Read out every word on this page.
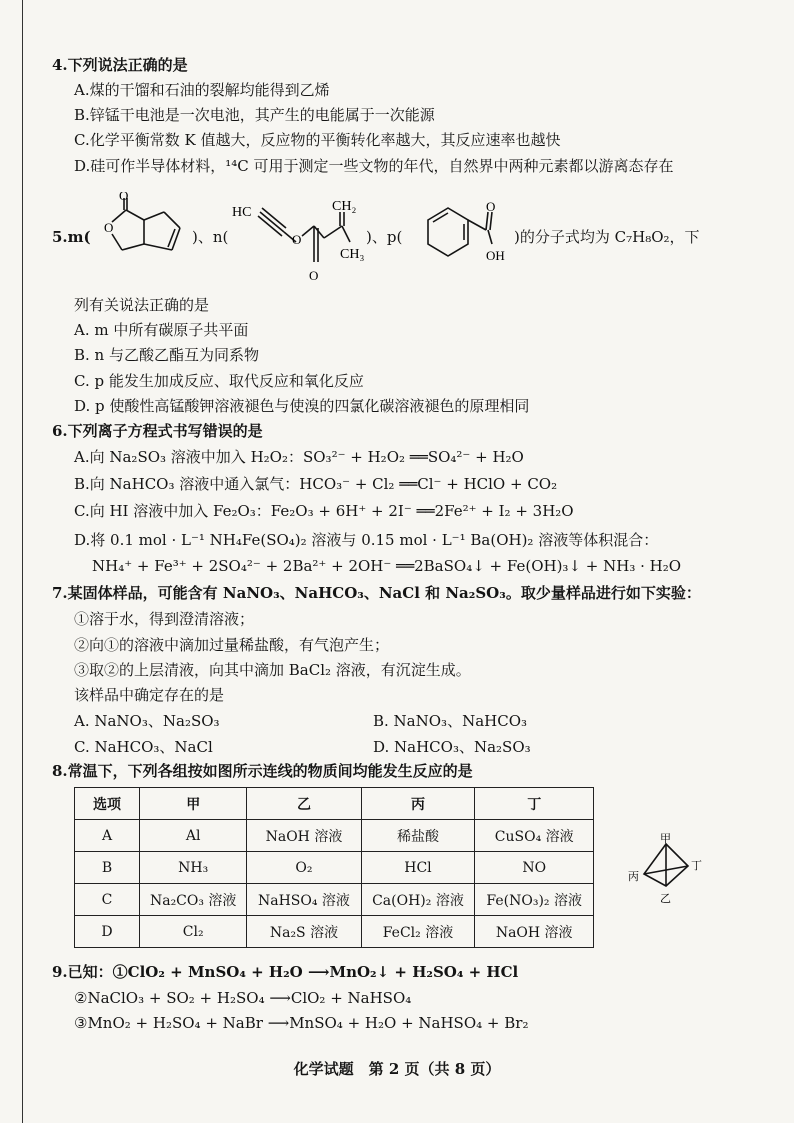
4.下列说法正确的是
A.煤的干馏和石油的裂解均能得到乙烯
B.锌锰干电池是一次电池，其产生的电能属于一次能源
C.化学平衡常数 K 值越大，反应物的平衡转化率越大，其反应速率也越快
D.硅可作半导体材料，¹⁴C 可用于测定一些文物的年代，自然界中两种元素都以游离态存在
5.m(
O
O
)、n(
HC
O
O
CH₂
CH₃
)、p(
O
OH
)的分子式均为 C₇H₈O₂，下
列有关说法正确的是
A. m 中所有碳原子共平面
B. n 与乙酸乙酯互为同系物
C. p 能发生加成反应、取代反应和氧化反应
D. p 使酸性高锰酸钾溶液褪色与使溴的四氯化碳溶液褪色的原理相同
6.下列离子方程式书写错误的是
A.向 Na₂SO₃ 溶液中加入 H₂O₂：SO₃²⁻ + H₂O₂ ══SO₄²⁻ + H₂O
B.向 NaHCO₃ 溶液中通入氯气：HCO₃⁻ + Cl₂ ══Cl⁻ + HClO + CO₂
C.向 HI 溶液中加入 Fe₂O₃：Fe₂O₃ + 6H⁺ + 2I⁻ ══2Fe²⁺ + I₂ + 3H₂O
D.将 0.1 mol · L⁻¹ NH₄Fe(SO₄)₂ 溶液与 0.15 mol · L⁻¹ Ba(OH)₂ 溶液等体积混合：
NH₄⁺ + Fe³⁺ + 2SO₄²⁻ + 2Ba²⁺ + 2OH⁻ ══2BaSO₄↓ + Fe(OH)₃↓ + NH₃ · H₂O
7.某固体样品，可能含有 NaNO₃、NaHCO₃、NaCl 和 Na₂SO₃。取少量样品进行如下实验：
①溶于水，得到澄清溶液；
②向①的溶液中滴加过量稀盐酸，有气泡产生；
③取②的上层清液，向其中滴加 BaCl₂ 溶液，有沉淀生成。
该样品中确定存在的是
A. NaNO₃、Na₂SO₃	B. NaNO₃、NaHCO₃
C. NaHCO₃、NaCl	D. NaHCO₃、Na₂SO₃
8.常温下，下列各组按如图所示连线的物质间均能发生反应的是
选项	甲	乙	丙	丁
A	Al	NaOH 溶液	稀盐酸	CuSO₄ 溶液
B	NH₃	O₂	HCl	NO
C	Na₂CO₃ 溶液	NaHSO₄ 溶液	Ca(OH)₂ 溶液	Fe(NO₃)₂ 溶液
D	Cl₂	Na₂S 溶液	FeCl₂ 溶液	NaOH 溶液
甲
丁
丙
乙
9.已知：①ClO₂ + MnSO₄ + H₂O ⟶MnO₂↓ + H₂SO₄ + HCl
②NaClO₃ + SO₂ + H₂SO₄ ⟶ClO₂ + NaHSO₄
③MnO₂ + H₂SO₄ + NaBr ⟶MnSO₄ + H₂O + NaHSO₄ + Br₂
化学试题　第 2 页（共 8 页）
